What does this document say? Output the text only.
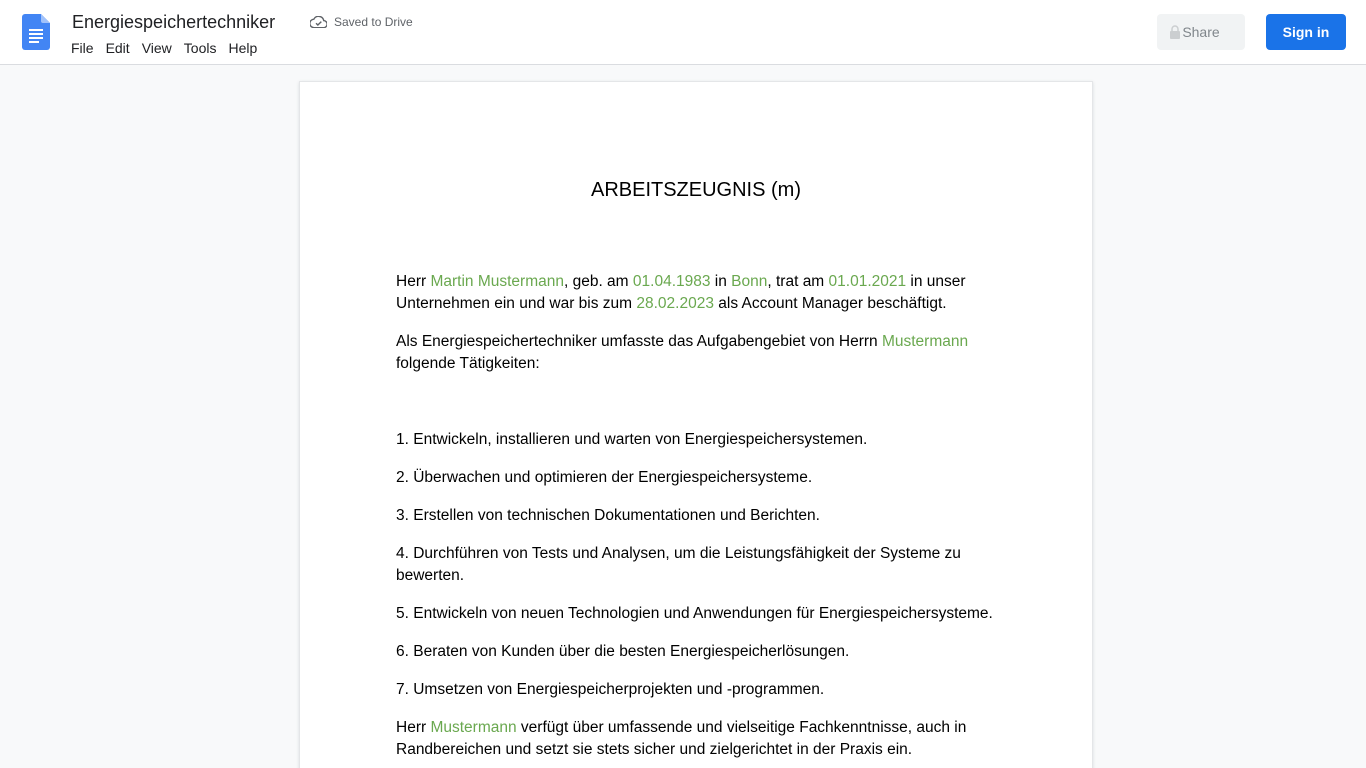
Energiespeichertechniker	Saved to Drive
File Edit View Tools Help
Share	Sign in
ARBEITSZEUGNIS (m)

Herr Martin Mustermann, geb. am 01.04.1983 in Bonn, trat am 01.01.2021 in unser Unternehmen ein und war bis zum 28.02.2023 als Account Manager beschäftigt.

Als Energiespeichertechniker umfasste das Aufgabengebiet von Herrn Mustermann folgende Tätigkeiten:

1. Entwickeln, installieren und warten von Energiespeichersystemen.

2. Überwachen und optimieren der Energiespeichersysteme.

3. Erstellen von technischen Dokumentationen und Berichten.

4. Durchführen von Tests und Analysen, um die Leistungsfähigkeit der Systeme zu bewerten.

5. Entwickeln von neuen Technologien und Anwendungen für Energiespeichersysteme.

6. Beraten von Kunden über die besten Energiespeicherlösungen.

7. Umsetzen von Energiespeicherprojekten und -programmen.

Herr Mustermann verfügt über umfassende und vielseitige Fachkenntnisse, auch in Randbereichen und setzt sie stets sicher und zielgerichtet in der Praxis ein.
